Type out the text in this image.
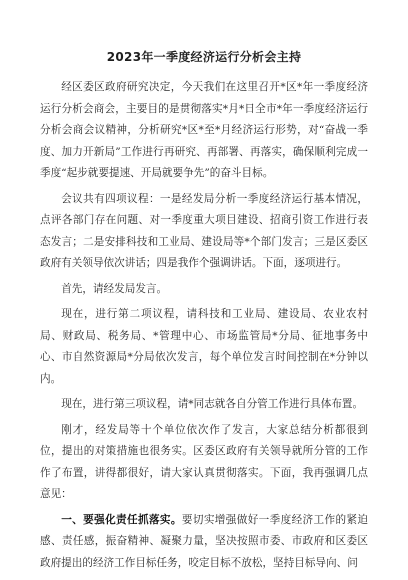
2023年一季度经济运行分析会主持

经区委区政府研究决定，今天我们在这里召开*区*年一季度经济运行分析会商会，主要目的是贯彻落实*月*日全市*年一季度经济运行分析会商会议精神，分析研究*区*至*月经济运行形势，对“奋战一季度、加力开新局”工作进行再研究、再部署、再落实，确保顺利完成一季度“起步就要提速、开局就要争先”的奋斗目标。

会议共有四项议程：一是经发局分析一季度经济运行基本情况，点评各部门存在问题、对一季度重大项目建设、招商引资工作进行表态发言；二是安排科技和工业局、建设局等*个部门发言；三是区委区政府有关领导依次讲话；四是我作个强调讲话。下面，逐项进行。

首先，请经发局发言。

现在，进行第二项议程，请科技和工业局、建设局、农业农村局、财政局、税务局、*管理中心、市场监管局*分局、征地事务中心、市自然资源局*分局依次发言，每个单位发言时间控制在*分钟以内。

现在，进行第三项议程，请*同志就各自分管工作进行具体布置。

刚才，经发局等十个单位依次作了发言，大家总结分析都很到位，提出的对策措施也很务实。区委区政府有关领导就所分管的工作作了布置，讲得都很好，请大家认真贯彻落实。下面，我再强调几点意见：

一、要强化责任抓落实。要切实增强做好一季度经济工作的紧迫感、责任感，振奋精神、凝聚力量，坚决按照市委、市政府和区委区政府提出的经济工作目标任务，咬定目标不放松，坚持目标导向、问
